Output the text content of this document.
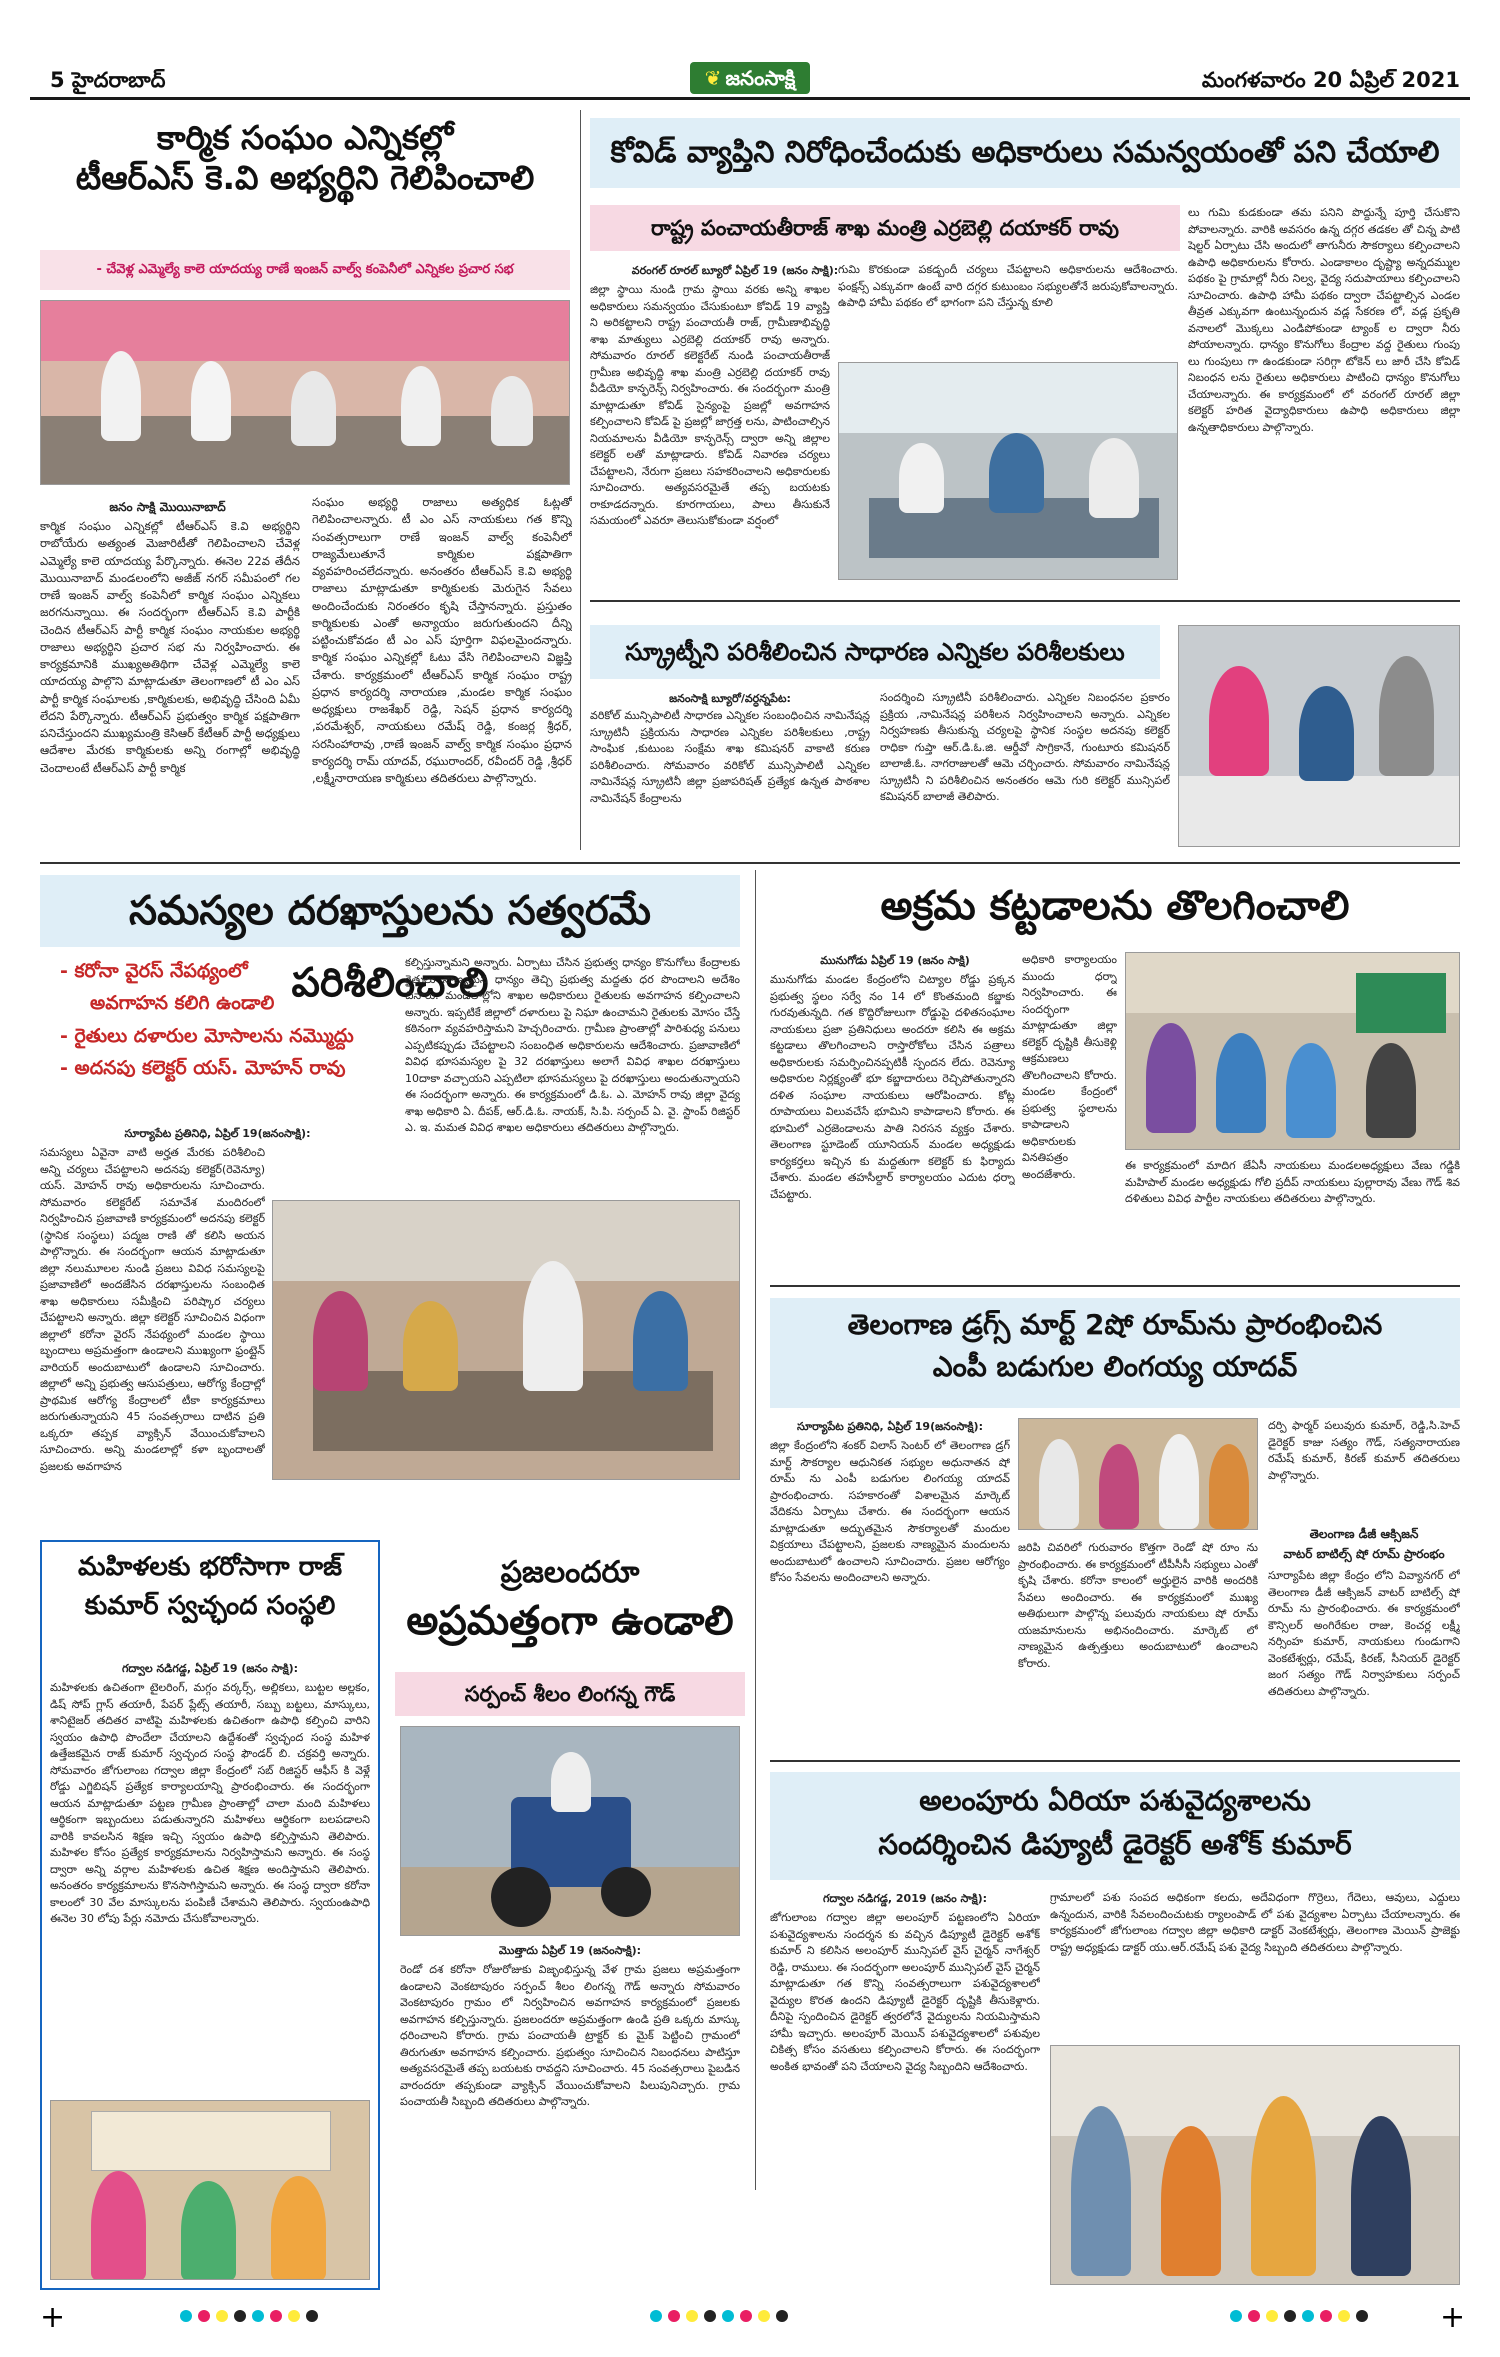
5 హైదరాబాద్	❦ జనంసాక్షి	మంగళవారం 20 ఏప్రిల్ 2021
కార్మిక సంఘం ఎన్నికల్లో
టీఆర్ఎస్ కె.వి అభ్యర్థిని గెలిపించాలి
- చేవెళ్ల ఎమ్మెల్యే కాలె యాదయ్య రాణే ఇంజన్ వాల్వ్ కంపెనీలో ఎన్నికల ప్రచార సభ
జనం సాక్షి మొయినాబాద్
కార్మిక సంఘం ఎన్నికల్లో టీఆర్ఎస్ కె.వి అభ్యర్థిని రాబోయేరు అత్యంత మెజారిటీతో గెలిపించాలని చేవెళ్ల ఎమ్మెల్యే కాలె యాదయ్య పేర్కొన్నారు. ఈనెల 22వ తేదీన మొయినాబాద్ మండలంలోని అజీజ్ నగర్ సమీపంలో గల రాణే ఇంజన్ వాల్వ్ కంపెనీలో కార్మిక సంఘం ఎన్నికలు జరగనున్నాయి. ఈ సందర్భంగా టీఆర్ఎస్ కె.వి పార్టీకి చెందిన టీఆర్ఎస్ పార్టీ కార్మిక సంఘం నాయకుల అభ్యర్థి రాజాలు అభ్యర్థిని ప్రచార సభ ను నిర్వహించారు. ఈ కార్యక్రమానికి ముఖ్యఅతిథిగా చేవెళ్ల ఎమ్మెల్యే కాలె యాదయ్య పాల్గొని మాట్లాడుతూ తెలంగాణలో టీ ఎం ఎస్ పార్టీ కార్మిక సంఘాలకు ,కార్మికులకు, అభివృద్ధి చేసింది ఏమీ లేదని పేర్కొన్నారు. టీఆర్ఎస్ ప్రభుత్వం కార్మిక పక్షపాతిగా పనిచేస్తుందని ముఖ్యమంత్రి కెసిఆర్ కేటీఆర్ పార్టీ అధ్యక్షులు ఆదేశాల మేరకు కార్మికులకు అన్ని రంగాల్లో అభివృద్ధి చెందాలంటే టీఆర్ఎస్ పార్టీ కార్మిక
సంఘం అభ్యర్థి రాజాలు అత్యధిక ఓట్లతో గెలిపించాలన్నారు. టీ ఎం ఎస్ నాయకులు గత కొన్ని సంవత్సరాలుగా రాణే ఇంజన్ వాల్వ్ కంపెనీలో రాజ్యమేలుతూనే కార్మికుల పక్షపాతిగా వ్యవహరించలేదన్నారు. అనంతరం టీఆర్ఎస్ కె.వి అభ్యర్థి రాజాలు మాట్లాడుతూ కార్మికులకు మెరుగైన సేవలు అందించేందుకు నిరంతరం కృషి చేస్తానన్నారు. ప్రస్తుతం కార్మికులకు ఎంతో అన్యాయం జరుగుతుందని దీన్ని పట్టించుకోవడం టీ ఎం ఎస్ పూర్తిగా విఫలమైందన్నారు. కార్మిక సంఘం ఎన్నికల్లో ఓటు వేసి గెలిపించాలని విజ్ఞప్తి చేశారు. కార్యక్రమంలో టీఆర్ఎస్ కార్మిక సంఘం రాష్ట్ర ప్రధాన కార్యదర్శి నారాయణ ,మండల కార్మిక సంఘం అధ్యక్షులు రాజశేఖర్ రెడ్డి, సెషన్ ప్రధాన కార్యదర్శి ,పరమేశ్వర్, నాయకులు రమేష్ రెడ్డి, కంజర్ల శ్రీధర్, సరసింహారావు ,రాణే ఇంజన్ వాల్వ్ కార్మిక సంఘం ప్రధాన కార్యదర్శి రామ్ యాదవ్, రఘురాందర్, రవీందర్ రెడ్డి ,శ్రీధర్ ,లక్ష్మీనారాయణ కార్మికులు తదితరులు పాల్గొన్నారు.
కోవిడ్ వ్యాప్తిని నిరోధించేందుకు అధికారులు సమన్వయంతో పని చేయాలి
రాష్ట్ర పంచాయతీరాజ్ శాఖ మంత్రి ఎర్రబెల్లి దయాకర్ రావు
వరంగల్ రూరల్ బ్యూరో ఏప్రిల్ 19 (జనం సాక్షి):
జిల్లా స్థాయి నుండి గ్రామ స్థాయి వరకు అన్ని శాఖల అధికారులు సమన్వయం చేసుకుంటూ కోవిడ్ 19 వ్యాప్తి ని అరికట్టాలని రాష్ట్ర పంచాయతీ రాజ్, గ్రామీణాభివృద్ధి శాఖ మాత్యులు ఎర్రబెల్లి దయాకర్ రావు అన్నారు. సోమవారం రూరల్ కలెక్టరేట్ నుండి పంచాయతీరాజ్ గ్రామీణ అభివృద్ధి శాఖ మంత్రి ఎర్రబెల్లి దయాకర్ రావు వీడియో కాన్ఫరెన్స్ నిర్వహించారు. ఈ సందర్భంగా మంత్రి మాట్లాడుతూ కోవిడ్ సైన్యంపై ప్రజల్లో అవగాహన కల్పించాలని కోవిడ్ పై ప్రజల్లో జాగ్రత్త లను, పాటించాల్సిన నియమాలను వీడియో కాన్ఫరెన్స్ ద్వారా అన్ని జిల్లాల కలెక్టర్ లతో మాట్లాడారు. కోవిడ్ నివారణ చర్యలు చేపట్టాలని, నేరుగా ప్రజలు సహకరించాలని అధికారులకు సూచించారు. అత్యవసరమైతే తప్ప బయటకు రాకూడదన్నారు. కూరగాయలు, పాలు తీసుకునే సమయంలో ఎవరూ తెలుసుకోకుండా వర్షంలో
గుమి కొరకుండా పకడ్బందీ చర్యలు చేపట్టాలని అధికారులను ఆదేశించారు. ఫంక్షన్స్ ఎక్కువగా ఉంటే వారి దగ్గర కుటుంబం సభ్యులతోనే జరుపుకోవాలన్నారు. ఉపాధి హామీ పథకం లో భాగంగా పని చేస్తున్న కూలి
లు గుమి కుడకుండా తమ పనిని పొద్దున్నే పూర్తి చేసుకొని పోవాలన్నారు. వారికి అవసరం ఉన్న దగ్గర తడకల తో చిన్న పాటి షెల్టర్ ఏర్పాటు చేసి అందులో తాగునీరు సౌకర్యాలు కల్పించాలని ఉపాధి అధికారులను కోరారు. ఎండాకాలం దృష్ట్యా అన్నదమ్ముల పథకం పై గ్రామాల్లో నీరు నిల్వ, వైద్య సదుపాయాలు కల్పించాలని సూచించారు. ఉపాధి హామీ పథకం ద్వారా చేపట్టాల్సిన ఎండల తీవ్రత ఎక్కువగా ఉంటున్నందున వడ్ల సేకరణ లో, వడ్ల ప్రకృతి వనాలలో మొక్కలు ఎండిపోకుండా ట్యాంక్ ల ద్వారా నీరు పోయాలన్నారు. ధాన్యం కొనుగోలు కేంద్రాల వద్ద రైతులు గుంపు లు గుంపులు గా ఉండకుండా సరిగ్గా టోకెన్ లు జారీ చేసి కోవిడ్ నిబంధన లను రైతులు అధికారులు పాటించి ధాన్యం కొనుగోలు చేయాలన్నారు. ఈ కార్యక్రమంలో లో వరంగల్ రూరల్ జిల్లా కలెక్టర్ హరిత వైద్యాధికారులు ఉపాధి అధికారులు జిల్లా ఉన్నతాధికారులు పాల్గొన్నారు.
స్క్రూట్నీని పరిశీలించిన సాధారణ ఎన్నికల పరిశీలకులు
జనంసాక్షి బ్యూరో/వర్ధన్నపేట:
వరికోల్ మున్సిపాలిటీ సాధారణ ఎన్నికల సంబంధించిన నామినేషన్ల స్క్రూటినీ ప్రక్రియను సాధారణ ఎన్నికల పరిశీలకులు ,రాష్ట్ర సాంఘిక ,కుటుంబ సంక్షేమ శాఖ కమిషనర్ వాకాటి కరుణ పరిశీలించారు. సోమవారం వరికోల్ మున్సిపాలిటీ ఎన్నికల నామినేషన్ల స్క్రూటినీ జిల్లా ప్రజాపరిషత్ ప్రత్యేక ఉన్నత పాఠశాల నామినేషన్ కేంద్రాలను
సందర్శించి స్క్రూటినీ పరిశీలించారు. ఎన్నికల నిబంధనల ప్రకారం ప్రక్రియ ,నామినేషన్ల పరిశీలన నిర్వహించాలని అన్నారు. ఎన్నికల నిర్వహణకు తీసుకున్న చర్యలపై స్థానిక సంస్థల అదనపు కలెక్టర్ రాధికా గుప్తా ఆర్.డి.ఓ.జి. ఆర్డీవో సాగ్రికానే, గుంటూరు కమిషనర్ బాలాజీ.ఓ. నాగరాజులతో ఆమె చర్చించారు. సోమవారం నామినేషన్ల స్క్రూటినీ ని పరిశీలించిన అనంతరం ఆమె గురి కలెక్టర్ మున్సిపల్ కమిషనర్ బాలాజీ తెలిపారు.
సమస్యల దరఖాస్తులను సత్వరమే పరిశీలించాలి
- కరోనా వైరస్ నేపథ్యంలో
అవగాహన కలిగి ఉండాలి
- రైతులు దళారుల మోసాలను నమ్మొద్దు
- అదనపు కలెక్టర్ యస్. మోహన్ రావు
కల్పిస్తున్నామని అన్నారు. ఏర్పాటు చేసిన ప్రభుత్వ ధాన్యం కొనుగోలు కేంద్రాలకు రైతులు నాణ్యమైన ధాన్యం తెచ్చి ప్రభుత్వ మద్దతు ధర పొందాలని అదేశిం చినారు. మండలాల్లోని శాఖల అధికారులు రైతులకు అవగాహన కల్పించాలని అన్నారు. ఇప్పటికే జిల్లాలో దళారులు పై నిఘా ఉంచామని రైతులకు మోసం చేస్తే కఠినంగా వ్యవహరిస్తామని హెచ్చరించారు. గ్రామీణ ప్రాంతాల్లో పారిశుధ్య పనులు ఎప్పటికప్పుడు చేపట్టాలని సంబంధిత అధికారులను ఆదేశించారు. ప్రజావాణిలో వివిధ భూసమస్యల పై 32 దరఖాస్తులు అలాగే వివిధ శాఖల దరఖాస్తులు 10దాకా వచ్చాయని ఎప్పటిలా భూసమస్యలు పై దరఖాస్తులు అందుతున్నాయని ఈ సందర్భంగా అన్నారు. ఈ కార్యక్రమంలో డి.ఓ. ఎ. మోహన్ రావు జిల్లా వైద్య శాఖ అధికారి ఏ. దీపక్, ఆర్.డి.ఓ. నాయక్, సి.పి. సర్పంచ్ ఏ. వై. స్టాంప్ రిజిస్టర్ ఎ. ఇ. మమత వివిధ శాఖల అధికారులు తదితరులు పాల్గొన్నారు.
సూర్యాపేట ప్రతినిధి, ఏప్రిల్ 19(జనంసాక్షి):
సమస్యలు ఏవైనా వాటి అర్హత మేరకు పరిశీలించి అన్ని చర్యలు చేపట్టాలని అదనపు కలెక్టర్(రెవెన్యూ) యస్. మోహన్ రావు అధికారులను సూచించారు. సోమవారం కలెక్టరేట్ సమావేశ మందిరంలో నిర్వహించిన ప్రజావాణి కార్యక్రమంలో అదనపు కలెక్టర్ (స్థానిక సంస్థలు) పద్మజ రాణి తో కలిసి అయన పాల్గొన్నారు. ఈ సందర్భంగా ఆయన మాట్లాడుతూ జిల్లా నలుమూలల నుండి ప్రజలు వివిధ సమస్యలపై ప్రజావాణిలో అందజేసిన దరఖాస్తులను సంబంధిత శాఖ అధికారులు సమీక్షించి పరిష్కార చర్యలు చేపట్టాలని అన్నారు. జిల్లా కలెక్టర్ సూచించిన విధంగా జిల్లాలో కరోనా వైరస్ నేపథ్యంలో మండల స్థాయి బృందాలు అప్రమత్తంగా ఉండాలని ముఖ్యంగా ఫ్రంట్లైన్ వారియర్ అందుబాటులో ఉండాలని సూచించారు. జిల్లాలో అన్ని ప్రభుత్వ ఆసుపత్రులు, ఆరోగ్య కేంద్రాల్లో ప్రాథమిక ఆరోగ్య కేంద్రాలలో టీకా కార్యక్రమాలు జరుగుతున్నాయని 45 సంవత్సరాలు దాటిన ప్రతి ఒక్కరూ తప్పక వ్యాక్సిన్ వేయించుకోవాలని సూచించారు. అన్ని మండలాల్లో కళా బృందాలతో ప్రజలకు అవగాహన
అక్రమ కట్టడాలను తొలగించాలి
మునుగోడు ఏప్రిల్ 19 (జనం సాక్షి)
మునుగోడు మండల కేంద్రంలోని చిట్యాల రోడ్డు ప్రక్కన ప్రభుత్వ స్థలం సర్వే నం 14 లో కొంతమంది కబ్జాకు గురవుతున్నది. గత కొద్దిరోజులుగా రోడ్డుపై దళితసంఘాల నాయకులు ప్రజా ప్రతినిధులు అందరూ కలిసి ఈ అక్రమ కట్టడాలు తొలగించాలని రాస్తారోకోలు చేసిన పత్రాలు అధికారులకు సమర్పించినప్పటికీ స్పందన లేదు. రెవెన్యూ అధికారుల నిర్లక్ష్యంతో భూ కబ్జాదారులు రెచ్చిపోతున్నారని దళిత సంఘాల నాయకులు ఆరోపించారు. కోట్ల రూపాయలు విలువచేసే భూమిని కాపాడాలని కోరారు. ఈ భూమిలో ఎర్రజెండాలను పాతి నిరసన వ్యక్తం చేశారు. తెలంగాణ స్టూడెంట్ యూనియన్ మండల అధ్యక్షుడు కార్యకర్తలు ఇచ్చిన కు మద్దతుగా కలెక్టర్ కు ఫిర్యాదు చేశారు. మండల తహసీల్దార్ కార్యాలయం ఎదుట ధర్నా చేపట్టారు.
అధికారి కార్యాలయం ముందు ధర్నా నిర్వహించారు. ఈ సందర్భంగా మాట్లాడుతూ జిల్లా కలెక్టర్ దృష్టికి తీసుకెళ్లి ఆక్రమణలు తొలగించాలని కోరారు. మండల కేంద్రంలో ప్రభుత్వ స్థలాలను కాపాడాలని అధికారులకు వినతిపత్రం అందజేశారు.
ఈ కార్యక్రమంలో మాదిగ జేఏసీ నాయకులు మండలఅధ్యక్షులు వేణు గడ్డికి మహిపాల్ మండల అధ్యక్షుడు గోలి ప్రదీప్ నాయకులు పుల్లారావు వేణు గౌడ్ శివ దళితులు వివిధ పార్టీల నాయకులు తదితరులు పాల్గొన్నారు.
తెలంగాణ డ్రగ్స్ మార్ట్ 2షో రూమ్‌ను ప్రారంభించిన
ఎంపీ బడుగుల లింగయ్య యాదవ్
సూర్యాపేట ప్రతినిధి, ఏప్రిల్ 19(జనంసాక్షి):
జిల్లా కేంద్రంలోని శంకర్ విలాస్ సెంటర్ లో తెలంగాణ డ్రగ్ మార్ట్ సౌకర్యాల ఆధునికత సభ్యుల అధునాతన షో రూమ్ ను ఎంపీ బడుగుల లింగయ్య యాదవ్ ప్రారంభించారు. సహకారంతో విశాలమైన మార్కెట్ వేదికను ఏర్పాటు చేశారు. ఈ సందర్భంగా ఆయన మాట్లాడుతూ అద్భుతమైన సౌకర్యాలతో మందుల విక్రయాలు చేపట్టాలని, ప్రజలకు నాణ్యమైన మందులను అందుబాటులో ఉంచాలని సూచించారు. ప్రజల ఆరోగ్యం కోసం సేవలను అందించాలని అన్నారు.
దర్పి ఫార్మర్ పలువురు కుమార్, రెడ్డి,సి.హెచ్ డైరెక్టర్ కాజు సత్యం గౌడ్, సత్యనారాయణ రమేష్ కుమార్, కిరణ్ కుమార్ తదితరులు పాల్గొన్నారు.
తెలంగాణ డీజీ ఆక్సిజన్
వాటర్ బాటిల్స్ షో రూమ్ ప్రారంభం
జరిపి చివరిలో గురువారం కొత్తగా రెండో షో రూం ను ప్రారంభించారు. ఈ కార్యక్రమంలో టీపీసీసీ సభ్యులు ఎంతో కృషి చేశారు. కరోనా కాలంలో అర్హులైన వారికి అందరికి సేవలు అందించారు. ఈ కార్యక్రమంలో ముఖ్య అతిథులుగా పాల్గొన్న పలువురు నాయకులు షో రూమ్ యజమానులను అభినందించారు. మార్కెట్ లో నాణ్యమైన ఉత్పత్తులు అందుబాటులో ఉంచాలని కోరారు.
సూర్యాపేట జిల్లా కేంద్రం లోని వివ్యానగర్ లో తెలంగాణ డీజీ ఆక్సిజన్ వాటర్ బాటిల్స్ షో రూమ్ ను ప్రారంభించారు. ఈ కార్యక్రమంలో కౌన్సిలర్ అంగిరేకుల రాజు, కెంచర్ల లక్ష్మీ నర్సింహ కుమార్, నాయకులు గుండుగాని వెంకటేశ్వర్లు, రమేష్, కిరణ్, సీనియర్ డైరెక్టర్ జంగ సత్యం గౌడ్ నిర్వాహకులు సర్పంచ్ తదితరులు పాల్గొన్నారు.
మహిళలకు భరోసాగా రాజ్
కుమార్ స్వచ్ఛంద సంస్థలి
గద్వాల నడిగడ్డ, ఏప్రిల్ 19 (జనం సాక్షి):
మహిళలకు ఉచితంగా టైలరింగ్, మగ్గం వర్కర్స్, అల్లికలు, బుట్టల అల్లకం, డిష్ సోప్ గ్లాస్ తయారీ, పేపర్ ప్లేట్స్ తయారీ, సబ్బు బట్టలు, మాస్కులు, శానిటైజర్ తదితర వాటిపై మహిళలకు ఉచితంగా ఉపాధి కల్పించి వారిని స్వయం ఉపాధి పొందేలా చేయాలని ఉద్దేశంతో స్వచ్ఛంద సంస్థ మహిళ ఉత్తేజకమైన రాజ్ కుమార్ స్వచ్ఛంద సంస్థ ఫౌండర్ బి. చక్రవర్తి అన్నారు. సోమవారం జోగులాంబ గద్వాల జిల్లా కేంద్రంలో సబ్ రిజిస్టర్ ఆఫీస్ కి వెళ్లే రోడ్డు ఎగ్జిబిషన్ ప్రత్యేక కార్యాలయాన్ని ప్రారంభించారు. ఈ సందర్భంగా ఆయన మాట్లాడుతూ పట్టణ గ్రామీణ ప్రాంతాల్లో చాలా మంది మహిళలు ఆర్థికంగా ఇబ్బందులు పడుతున్నారని మహిళలు ఆర్థికంగా బలపడాలని వారికి కావలసిన శిక్షణ ఇచ్చి స్వయం ఉపాధి కల్పిస్తామని తెలిపారు. మహిళల కోసం ప్రత్యేక కార్యక్రమాలను నిర్వహిస్తామని అన్నారు. ఈ సంస్థ ద్వారా అన్ని వర్గాల మహిళలకు ఉచిత శిక్షణ అందిస్తామని తెలిపారు. అనంతరం కార్యక్రమాలను కొనసాగిస్తామని అన్నారు. ఈ సంస్థ ద్వారా కరోనా కాలంలో 30 వేల మాస్కులను పంపిణీ చేశామని తెలిపారు. స్వయంఉపాధి ఈనెల 30 లోపు పేర్లు నమోదు చేసుకోవాలన్నారు.
ప్రజలందరూ
అప్రమత్తంగా ఉండాలి
సర్పంచ్ శీలం లింగన్న గౌడ్
మొత్తాదు ఏప్రిల్ 19 (జనంసాక్షి):
రెండో దశ కరోనా రోజురోజుకు విజృంభిస్తున్న వేళ గ్రామ ప్రజలు అప్రమత్తంగా ఉండాలని వెంకటాపురం సర్పంచ్ శీలం లింగన్న గౌడ్ అన్నారు సోమవారం వెంకటాపురం గ్రామం లో నిర్వహించిన అవగాహన కార్యక్రమంలో ప్రజలకు అవగాహన కల్పిస్తున్నారు. ప్రజలందరూ అప్రమత్తంగా ఉండి ప్రతి ఒక్కరు మాస్కు ధరించాలని కోరారు. గ్రామ పంచాయతీ ట్రాక్టర్ కు మైక్ పెట్టించి గ్రామంలో తిరుగుతూ అవగాహన కల్పించారు. ప్రభుత్వం సూచించిన నిబంధనలు పాటిస్తూ అత్యవసరమైతే తప్ప బయటకు రావద్దని సూచించారు. 45 సంవత్సరాలు పైబడిన వారందరూ తప్పకుండా వ్యాక్సిన్ వేయించుకోవాలని పిలుపునిచ్చారు. గ్రామ పంచాయతీ సిబ్బంది తదితరులు పాల్గొన్నారు.
అలంపూరు ఏరియా పశువైద్యశాలను
సందర్శించిన డిప్యూటీ డైరెక్టర్ అశోక్ కుమార్
గద్వాల నడిగడ్డ, 2019 (జనం సాక్షి):
జోగులాంబ గద్వాల జిల్లా అలంపూర్ పట్టణంలోని ఏరియా పశువైద్యశాలను సందర్శన కు వచ్చిన డిప్యూటీ డైరెక్టర్ అశోక్ కుమార్ ని కలిసిన అలంపూర్ మున్సిపల్ వైస్ చైర్మన్ నాగేశ్వర్ రెడ్డి, రాములు. ఈ సందర్భంగా అలంపూర్ మున్సిపల్ వైస్ చైర్మన్ మాట్లాడుతూ గత కొన్ని సంవత్సరాలుగా పశువైద్యశాలలో వైద్యుల కొరత ఉందని డిప్యూటీ డైరెక్టర్ దృష్టికి తీసుకెళ్లారు. దీనిపై స్పందించిన డైరెక్టర్ త్వరలోనే వైద్యులను నియమిస్తామని హామీ ఇచ్చారు. అలంపూర్ మెయిన్ పశువైద్యశాలలో పశువుల చికిత్స కోసం వసతులు కల్పించాలని కోరారు. ఈ సందర్భంగా అంకిత భావంతో పని చేయాలని వైద్య సిబ్బందిని ఆదేశించారు.
గ్రామాలలో పశు సంపద అధికంగా కలదు, అదేవిధంగా గొర్రెలు, గేదెలు, ఆవులు, ఎద్దులు ఉన్నందున, వారికి సేవలందించుటకు ర్యాలంపాడ్ లో పశు వైద్యశాల ఏర్పాటు చేయాలన్నారు. ఈ కార్యక్రమంలో జోగులాంబ గద్వాల జిల్లా అధికారి డాక్టర్ వెంకటేశ్వర్లు, తెలంగాణ మెయిన్ ప్రాజెక్టు రాష్ట్ర అధ్యక్షుడు డాక్టర్ యు.ఆర్.రమేష్ పశు వైద్య సిబ్బంది తదితరులు పాల్గొన్నారు.
+	+
